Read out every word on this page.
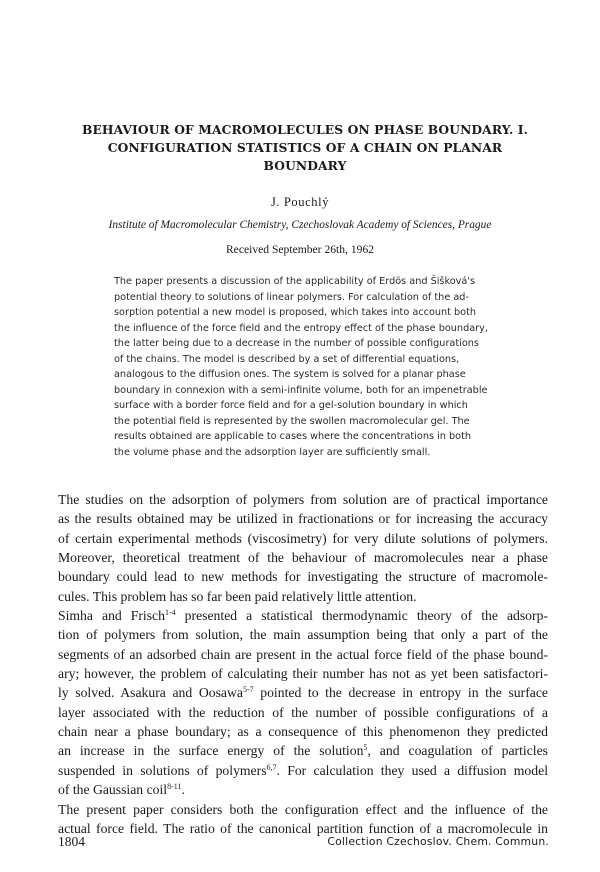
BEHAVIOUR OF MACROMOLECULES ON PHASE BOUNDARY. I.
CONFIGURATION STATISTICS OF A CHAIN ON PLANAR BOUNDARY
J. Pouchlý
Institute of Macromolecular Chemistry, Czechoslovak Academy of Sciences, Prague
Received September 26th, 1962
The paper presents a discussion of the applicability of Erdös and Šišková's
potential theory to solutions of linear polymers. For calculation of the ad-
sorption potential a new model is proposed, which takes into account both
the influence of the force field and the entropy effect of the phase boundary,
the latter being due to a decrease in the number of possible configurations
of the chains. The model is described by a set of differential equations,
analogous to the diffusion ones. The system is solved for a planar phase
boundary in connexion with a semi-infinite volume, both for an impenetrable
surface with a border force field and for a gel-solution boundary in which
the potential field is represented by the swollen macromolecular gel. The
results obtained are applicable to cases where the concentrations in both
the volume phase and the adsorption layer are sufficiently small.
The studies on the adsorption of polymers from solution are of practical importance
as the results obtained may be utilized in fractionations or for increasing the accuracy
of certain experimental methods (viscosimetry) for very dilute solutions of polymers.
Moreover, theoretical treatment of the behaviour of macromolecules near a phase
boundary could lead to new methods for investigating the structure of macromole-
cules. This problem has so far been paid relatively little attention.
Simha and Frisch$^{1-4}$ presented a statistical thermodynamic theory of the adsorp-
tion of polymers from solution, the main assumption being that only a part of the
segments of an adsorbed chain are present in the actual force field of the phase bound-
ary; however, the problem of calculating their number has not as yet been satisfactori-
ly solved. Asakura and Oosawa$^{5-7}$ pointed to the decrease in entropy in the surface
layer associated with the reduction of the number of possible configurations of a
chain near a phase boundary; as a consequence of this phenomenon they predicted
an increase in the surface energy of the solution$^5$, and coagulation of particles
suspended in solutions of polymers$^{6,7}$. For calculation they used a diffusion model
of the Gaussian coil$^{8-11}$.
The present paper considers both the configuration effect and the influence of the
actual force field. The ratio of the canonical partition function of a macromolecule in
1804	Collection Czechoslov. Chem. Commun.
